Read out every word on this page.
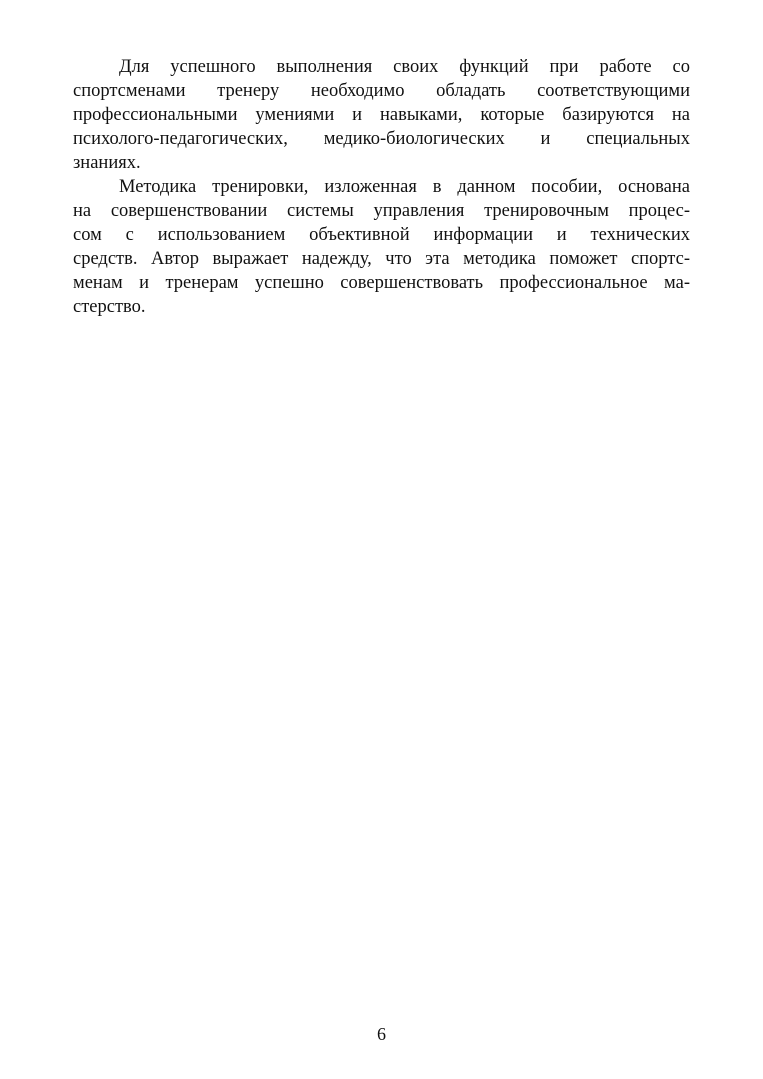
Для успешного выполнения своих функций при работе со
спортсменами тренеру необходимо обладать соответствующими
профессиональными умениями и навыками, которые базируются на
психолого-педагогических, медико-биологических и специальных
знаниях.
Методика тренировки, изложенная в данном пособии, основана
на совершенствовании системы управления тренировочным процес-
сом с использованием объективной информации и технических
средств. Автор выражает надежду, что эта методика поможет спортс-
менам и тренерам успешно совершенствовать профессиональное ма-
стерство.
6
